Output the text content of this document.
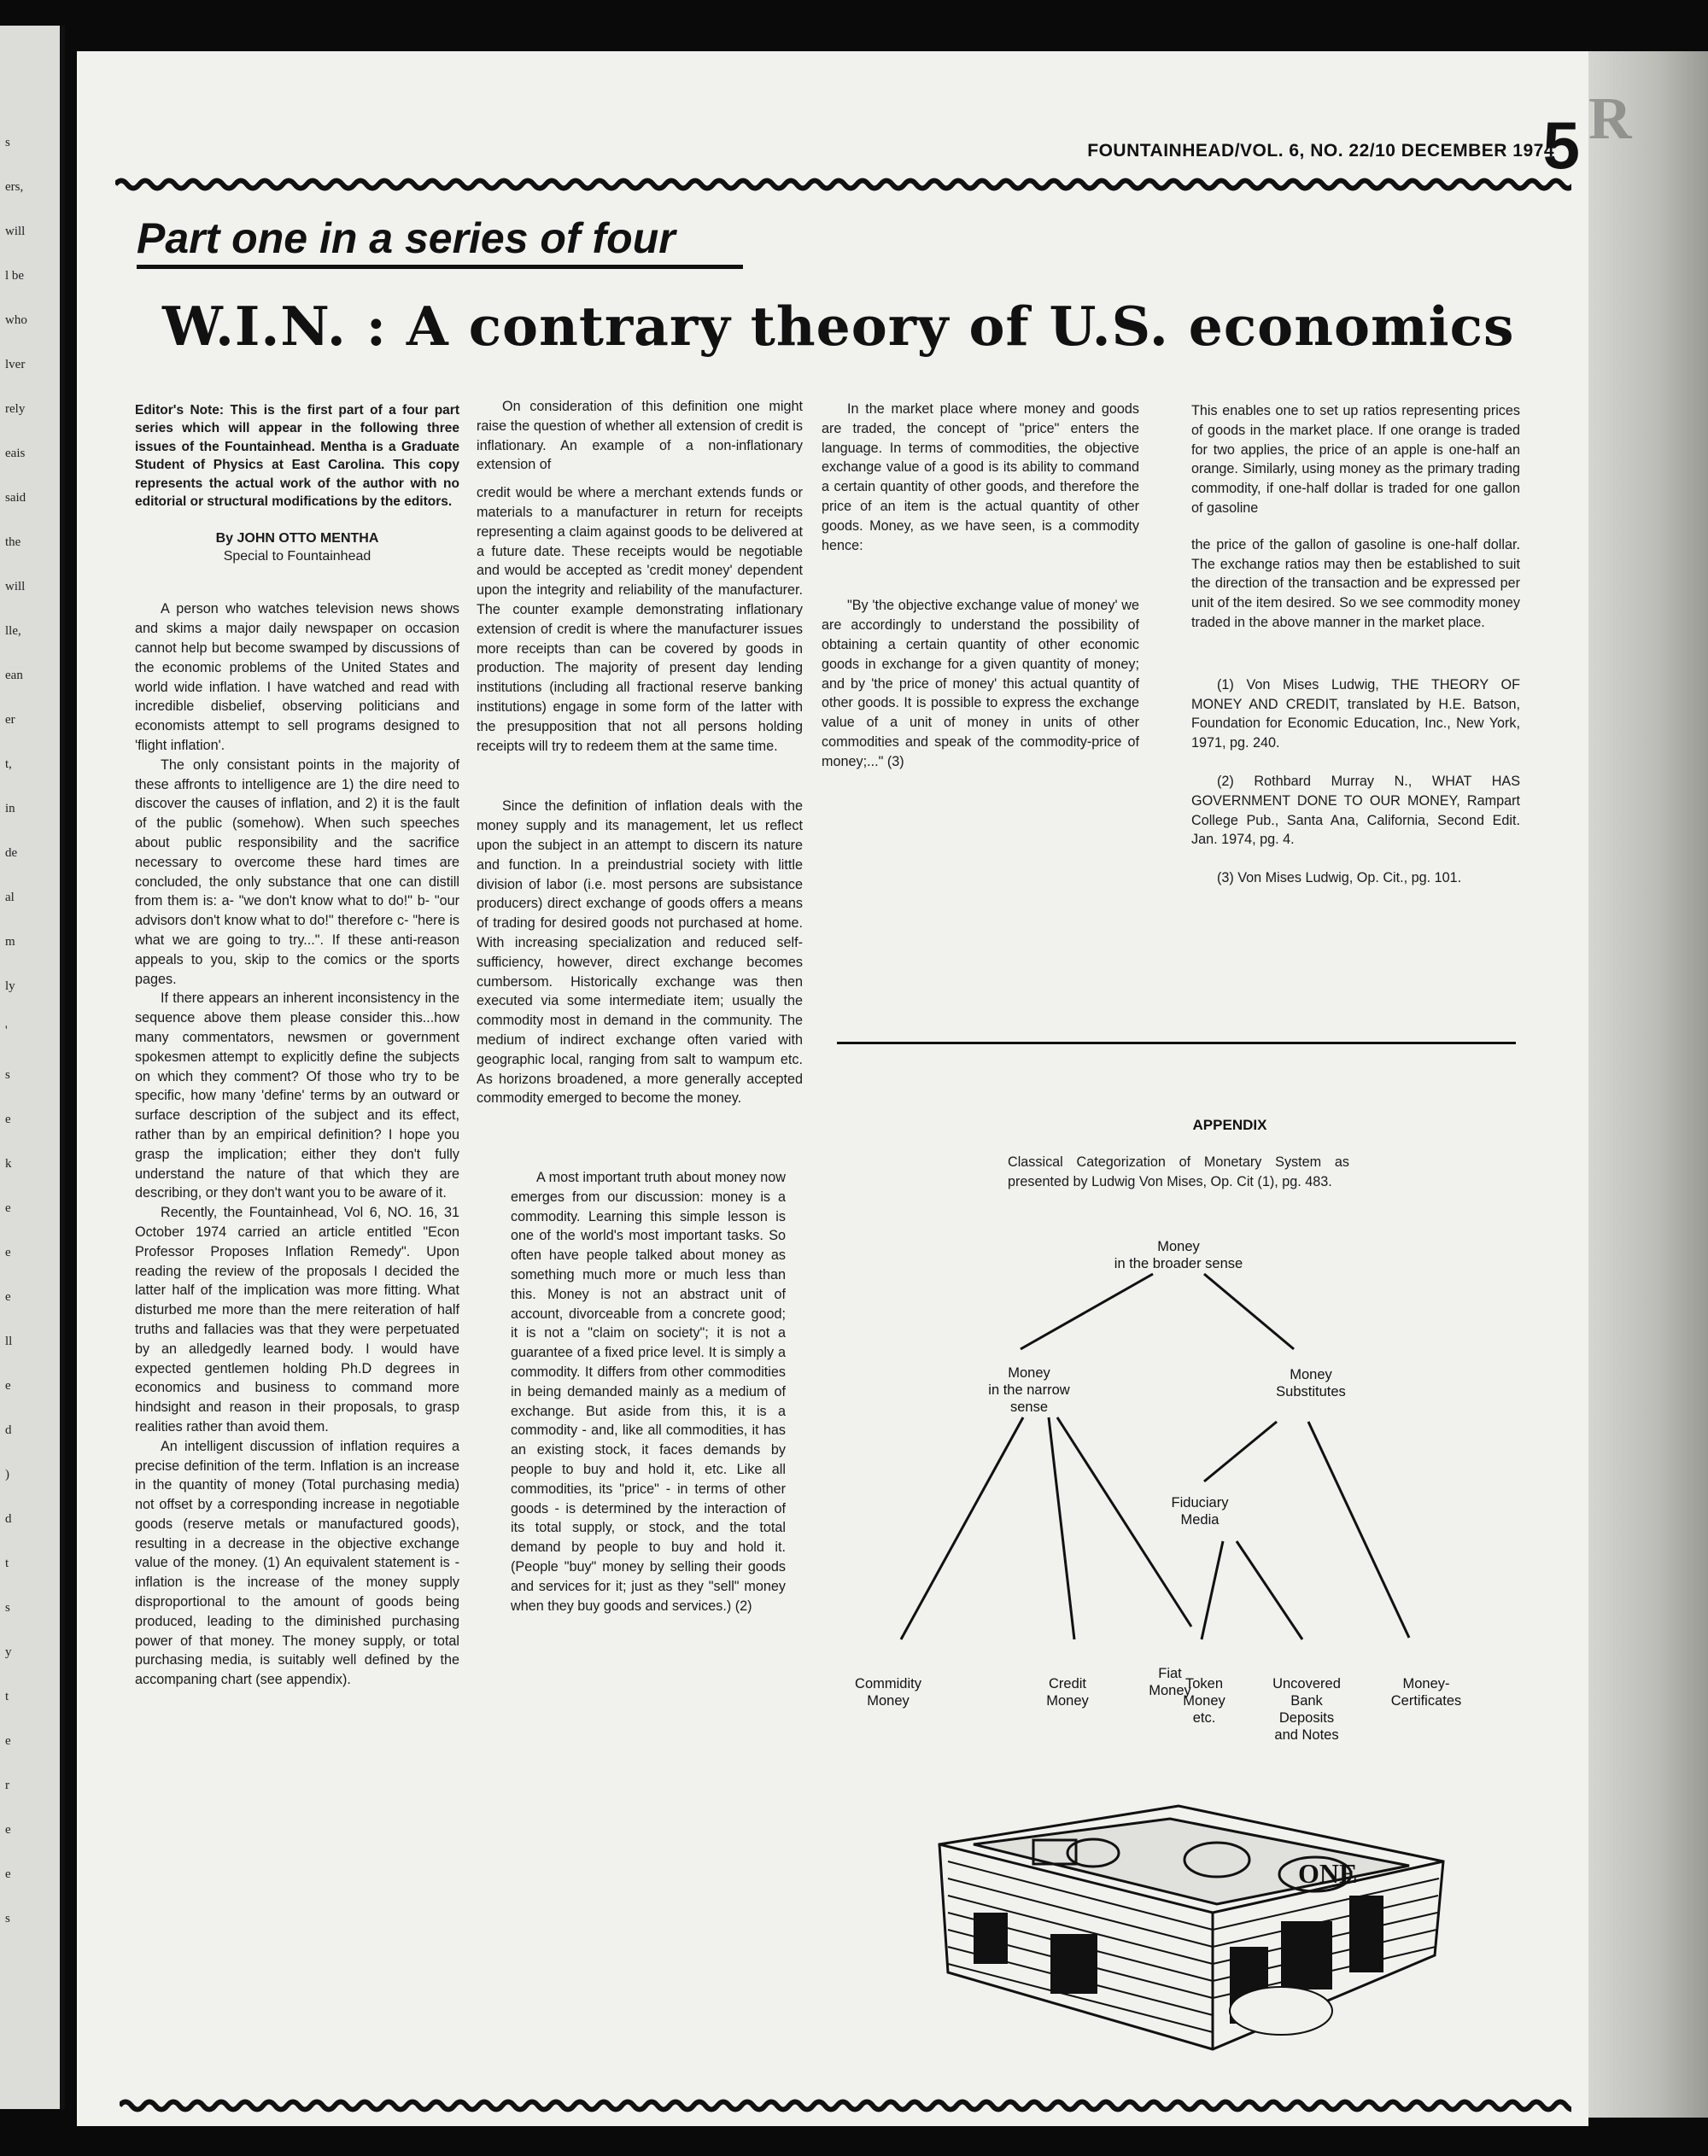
s
ers,
will
l be
who
lver
rely
eais
said
the
will
lle,
ean
er
t,
in
de
al
m
ly
'
s
e
k
e
e
e
ll
e
d
)
d
t
s
y
t
e
r
e
e
s
R
FOUNTAINHEAD/VOL. 6, NO. 22/10 DECEMBER 1974
5
Part one in a series of four
W.I.N. : A contrary theory of U.S. economics

Editor's Note: This is the first part of a four part series which will appear in the following three issues of the Fountainhead. Mentha is a Graduate Student of Physics at East Carolina. This copy represents the actual work of the author with no editorial or structural modifications by the editors.

By JOHN OTTO MENTHA
Special to Fountainhead

A person who watches television news shows and skims a major daily newspaper on occasion cannot help but become swamped by discussions of the economic problems of the United States and world wide inflation. I have watched and read with incredible disbelief, observing politicians and economists attempt to sell programs designed to 'flight inflation'.

The only consistant points in the majority of these affronts to intelligence are 1) the dire need to discover the causes of inflation, and 2) it is the fault of the public (somehow). When such speeches about public responsibility and the sacrifice necessary to overcome these hard times are concluded, the only substance that one can distill from them is: a- "we don't know what to do!" b- "our advisors don't know what to do!" therefore c- "here is what we are going to try...". If these anti-reason appeals to you, skip to the comics or the sports pages.

If there appears an inherent inconsistency in the sequence above them please consider this...how many commentators, newsmen or government spokesmen attempt to explicitly define the subjects on which they comment? Of those who try to be specific, how many 'define' terms by an outward or surface description of the subject and its effect, rather than by an empirical definition? I hope you grasp the implication; either they don't fully understand the nature of that which they are describing, or they don't want you to be aware of it.

Recently, the Fountainhead, Vol 6, NO. 16, 31 October 1974 carried an article entitled "Econ Professor Proposes Inflation Remedy". Upon reading the review of the proposals I decided the latter half of the implication was more fitting. What disturbed me more than the mere reiteration of half truths and fallacies was that they were perpetuated by an alledgedly learned body. I would have expected gentlemen holding Ph.D degrees in economics and business to command more hindsight and reason in their proposals, to grasp realities rather than avoid them.

An intelligent discussion of inflation requires a precise definition of the term. Inflation is an increase in the quantity of money (Total purchasing media) not offset by a corresponding increase in negotiable goods (reserve metals or manufactured goods), resulting in a decrease in the objective exchange value of the money. (1) An equivalent statement is - inflation is the increase of the money supply disproportional to the amount of goods being produced, leading to the diminished purchasing power of that money. The money supply, or total purchasing media, is suitably well defined by the accompaning chart (see appendix).

On consideration of this definition one might raise the question of whether all extension of credit is inflationary. An example of a non-inflationary extension of

credit would be where a merchant extends funds or materials to a manufacturer in return for receipts representing a claim against goods to be delivered at a future date. These receipts would be negotiable and would be accepted as 'credit money' dependent upon the integrity and reliability of the manufacturer. The counter example demonstrating inflationary extension of credit is where the manufacturer issues more receipts than can be covered by goods in production. The majority of present day lending institutions (including all fractional reserve banking institutions) engage in some form of the latter with the presupposition that not all persons holding receipts will try to redeem them at the same time.

Since the definition of inflation deals with the money supply and its management, let us reflect upon the subject in an attempt to discern its nature and function. In a preindustrial society with little division of labor (i.e. most persons are subsistance producers) direct exchange of goods offers a means of trading for desired goods not purchased at home. With increasing specialization and reduced self-sufficiency, however, direct exchange becomes cumbersom. Historically exchange was then executed via some intermediate item; usually the commodity most in demand in the community. The medium of indirect exchange often varied with geographic local, ranging from salt to wampum etc. As horizons broadened, a more generally accepted commodity emerged to become the money.

A most important truth about money now emerges from our discussion: money is a commodity. Learning this simple lesson is one of the world's most important tasks. So often have people talked about money as something much more or much less than this. Money is not an abstract unit of account, divorceable from a concrete good; it is not a "claim on society"; it is not a guarantee of a fixed price level. It is simply a commodity. It differs from other commodities in being demanded mainly as a medium of exchange. But aside from this, it is a commodity - and, like all commodities, it has an existing stock, it faces demands by people to buy and hold it, etc. Like all commodities, its "price" - in terms of other goods - is determined by the interaction of its total supply, or stock, and the total demand by people to buy and hold it. (People "buy" money by selling their goods and services for it; just as they "sell" money when they buy goods and services.) (2)

In the market place where money and goods are traded, the concept of "price" enters the language. In terms of commodities, the objective exchange value of a good is its ability to command a certain quantity of other goods, and therefore the price of an item is the actual quantity of other goods. Money, as we have seen, is a commodity hence:

"By 'the objective exchange value of money' we are accordingly to understand the possibility of obtaining a certain quantity of other economic goods in exchange for a given quantity of money; and by 'the price of money' this actual quantity of other goods. It is possible to express the exchange value of a unit of money in units of other commodities and speak of the commodity-price of money;..." (3)

This enables one to set up ratios representing prices of goods in the market place. If one orange is traded for two applies, the price of an apple is one-half an orange. Similarly, using money as the primary trading commodity, if one-half dollar is traded for one gallon of gasoline

the price of the gallon of gasoline is one-half dollar. The exchange ratios may then be established to suit the direction of the transaction and be expressed per unit of the item desired. So we see commodity money traded in the above manner in the market place.

(1) Von Mises Ludwig, THE THEORY OF MONEY AND CREDIT, translated by H.E. Batson, Foundation for Economic Education, Inc., New York, 1971, pg. 240.

(2) Rothbard Murray N., WHAT HAS GOVERNMENT DONE TO OUR MONEY, Rampart College Pub., Santa Ana, California, Second Edit. Jan. 1974, pg. 4.

(3) Von Mises Ludwig, Op. Cit., pg. 101.

APPENDIX
Classical Categorization of Monetary System as presented by Ludwig Von Mises, Op. Cit (1), pg. 483.
Money
in the broader sense
Money
in the narrow
sense
Money
Substitutes
Fiduciary
Media
Commidity
Money
Credit
Money
Fiat
Money
Token
Money
etc.
Uncovered
Bank
Deposits
and Notes
Money-
Certificates
ONE
